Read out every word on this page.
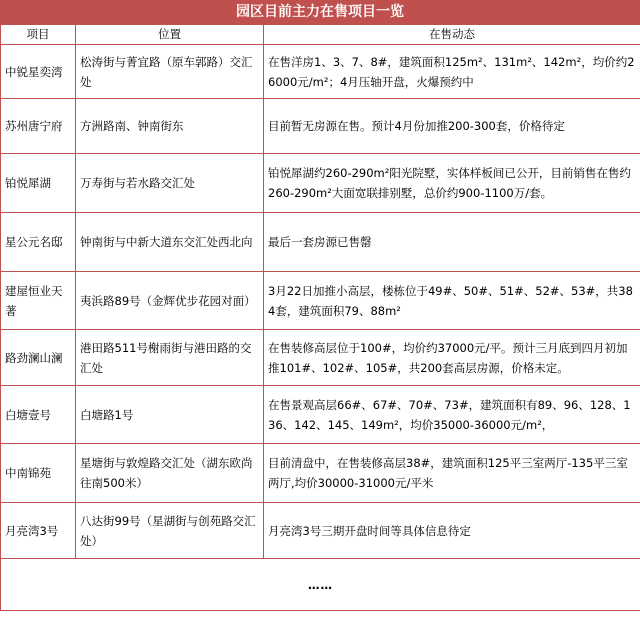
园区目前主力在售项目一览
项目	位置	在售动态
中锐星奕湾	松涛街与菁宜路（原车郭路）交汇处	在售洋房1、3、7、8#，建筑面积125m²、131m²、142m²，均价约26000元/m²；4月压轴开盘，火爆预约中
苏州唐宁府	方洲路南、钟南街东	目前暂无房源在售。预计4月份加推200-300套，价格待定
铂悦犀湖	万寿街与若水路交汇处	铂悦犀湖约260-290m²阳光院墅，实体样板间已公开，目前销售在售约260-290m²大面宽联排别墅，总价约900-1100万/套。
星公元名邸	钟南街与中新大道东交汇处西北向	最后一套房源已售罄
建屋恒业天著	夷浜路89号（金辉优步花园对面）	3月22日加推小高层，楼栋位于49#、50#、51#、52#、53#，共384套，建筑面积79、88m²
路劲澜山澜	港田路511号榭雨街与港田路的交汇处	在售装修高层位于100#，均价约37000元/平。预计三月底到四月初加推101#、102#、105#，共200套高层房源，价格未定。
白塘壹号	白塘路1号	在售景观高层66#、67#、70#、73#，建筑面积有89、96、128、136、142、145、149m²，均价35000-36000元/m²，
中南锦苑	星塘街与敦煌路交汇处（湖东欧尚往南500米）	目前清盘中，在售装修高层38#，建筑面积125平三室两厅-135平三室两厅,均价30000-31000元/平米
月亮湾3号	八达街99号（星湖街与创苑路交汇处）	月亮湾3号三期开盘时间等具体信息待定
……		
